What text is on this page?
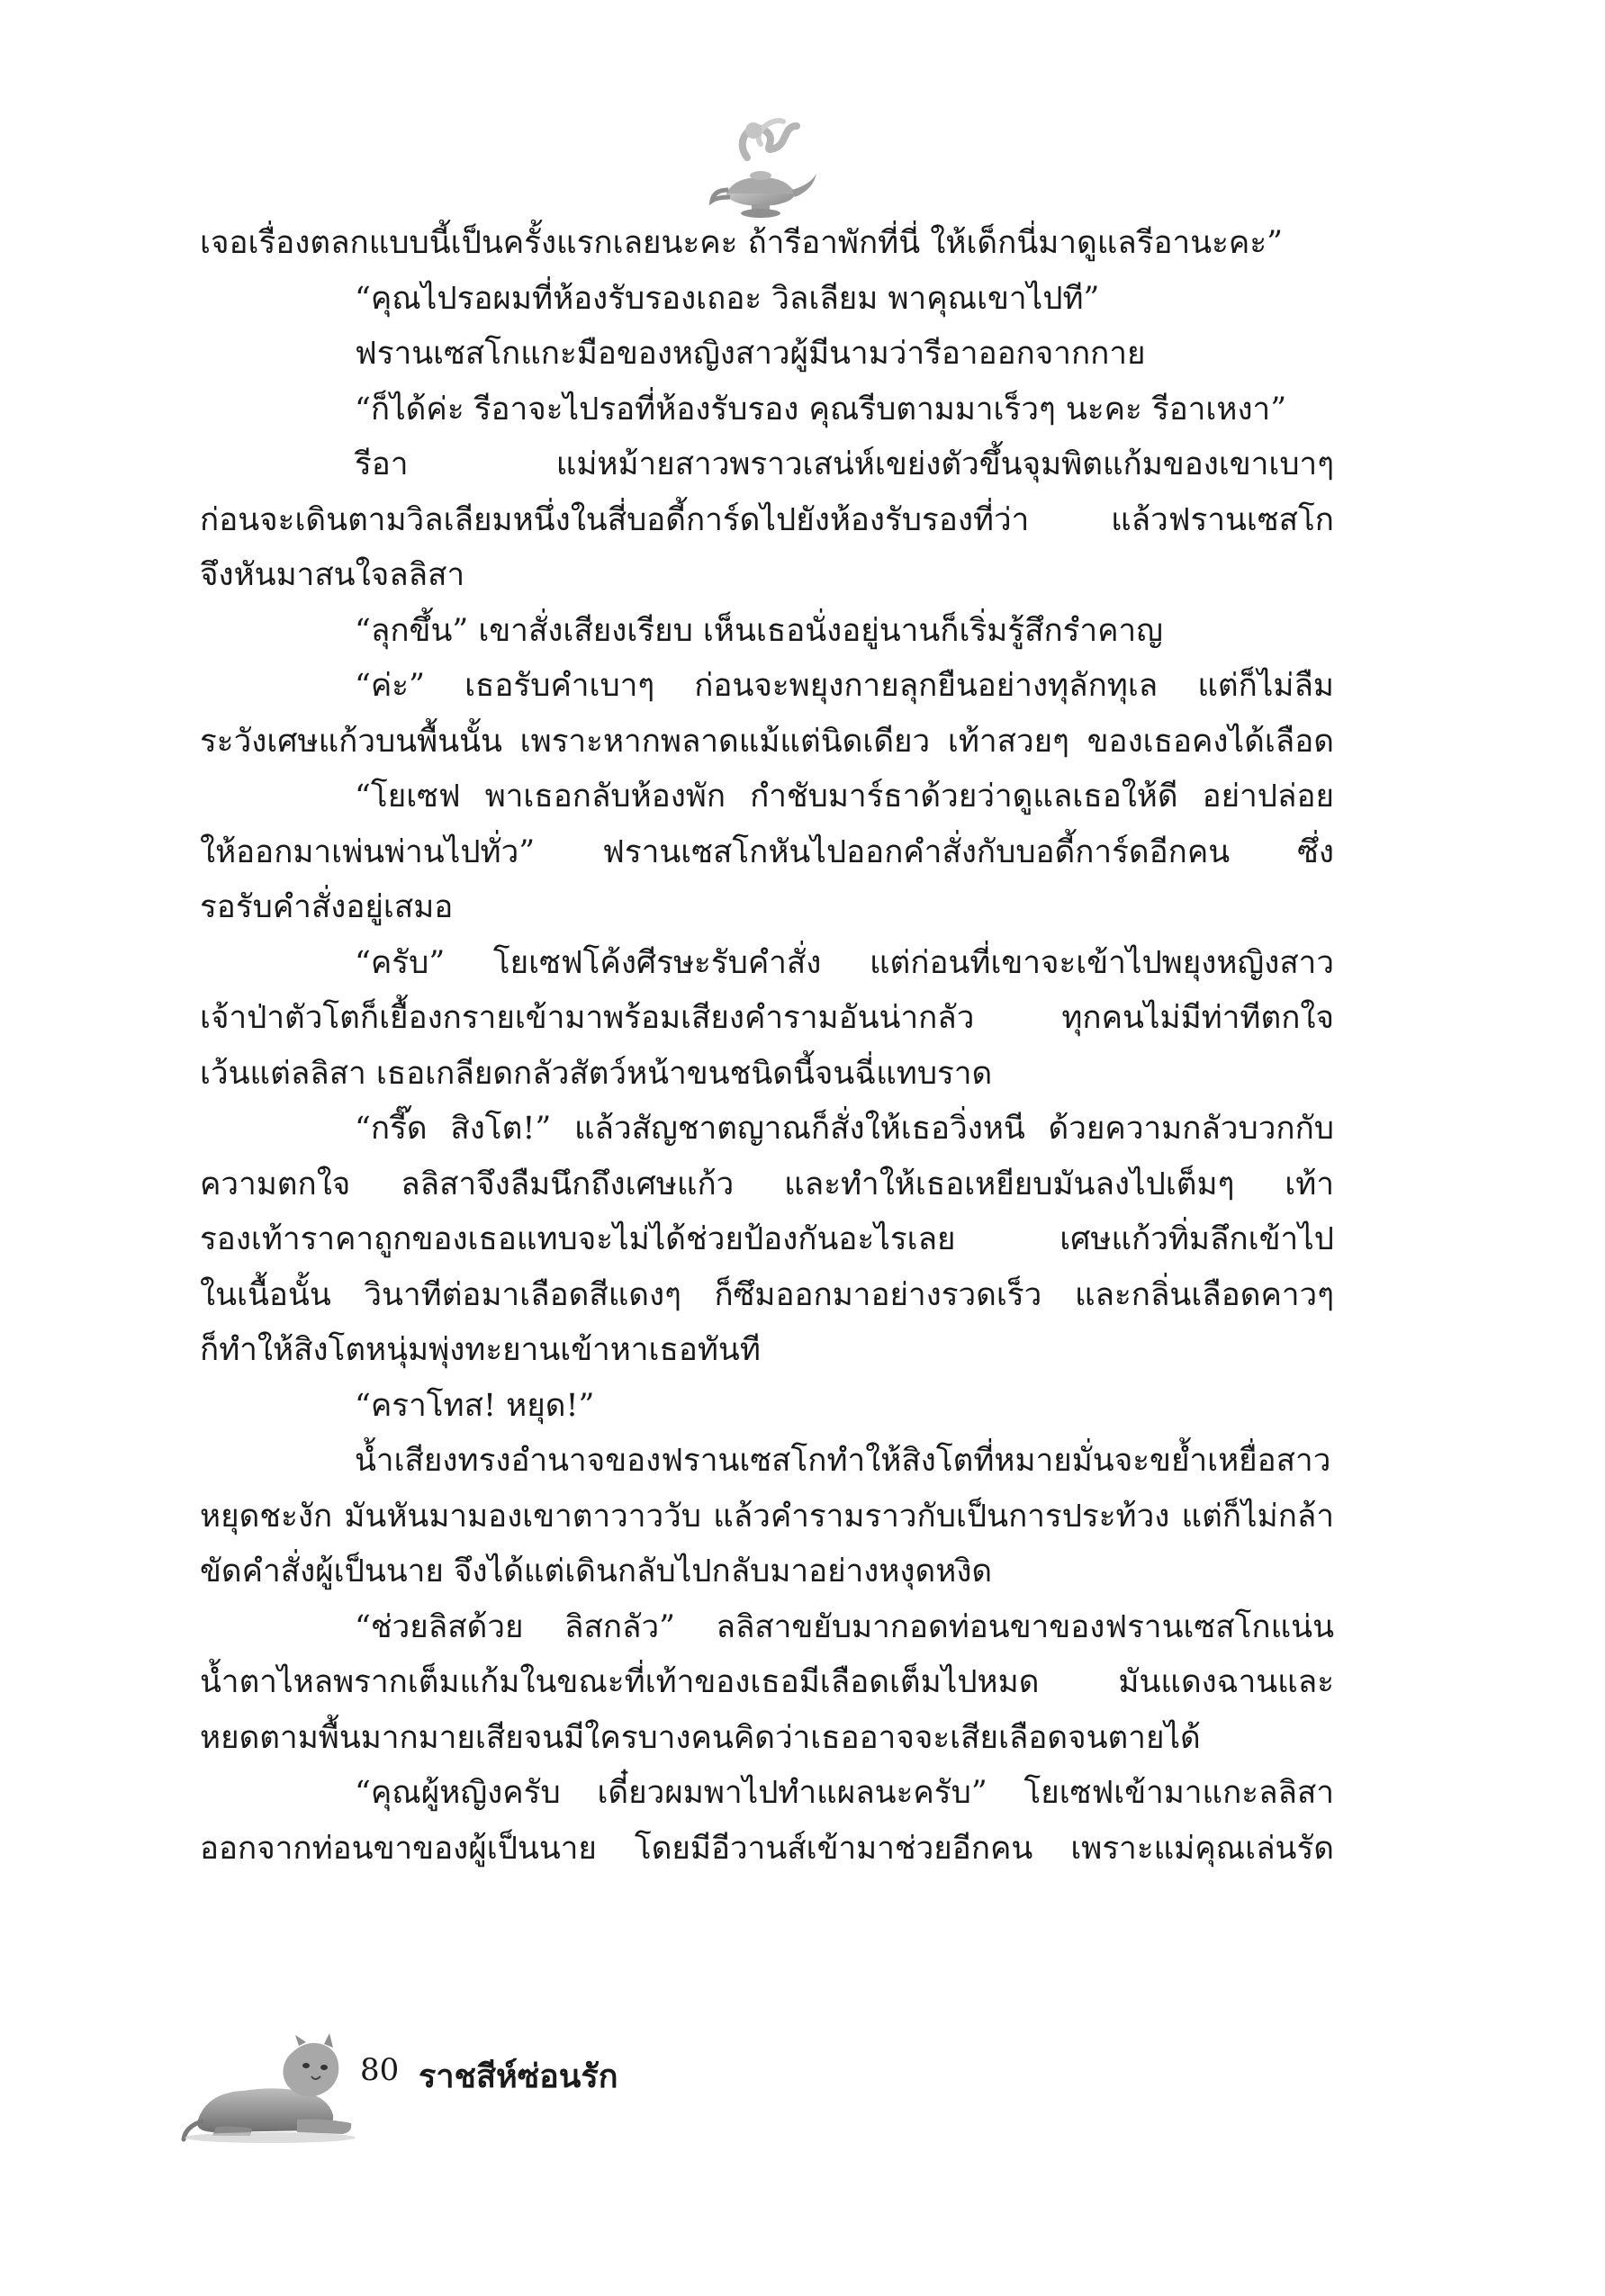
เจอเรื่องตลกแบบนี้เป็นครั้งแรกเลยนะคะ ถ้ารีอาพักที่นี่ ให้เด็กนี่มาดูแลรีอานะคะ”
“คุณไปรอผมที่ห้องรับรองเถอะ วิลเลียม พาคุณเขาไปที”
ฟรานเซสโกแกะมือของหญิงสาวผู้มีนามว่ารีอาออกจากกาย
“ก็ได้ค่ะ รีอาจะไปรอที่ห้องรับรอง คุณรีบตามมาเร็วๆ นะคะ รีอาเหงา”
รีอา แม่หม้ายสาวพราวเสน่ห์เขย่งตัวขึ้นจุมพิตแก้มของเขาเบาๆ
ก่อนจะเดินตามวิลเลียมหนึ่งในสี่บอดี้การ์ดไปยังห้องรับรองที่ว่า แล้วฟรานเซสโก
จึงหันมาสนใจลลิสา
“ลุกขึ้น” เขาสั่งเสียงเรียบ เห็นเธอนั่งอยู่นานก็เริ่มรู้สึกรำคาญ
“ค่ะ” เธอรับคำเบาๆ ก่อนจะพยุงกายลุกยืนอย่างทุลักทุเล แต่ก็ไม่ลืม
ระวังเศษแก้วบนพื้นนั้น เพราะหากพลาดแม้แต่นิดเดียว เท้าสวยๆ ของเธอคงได้เลือด
“โยเซฟ พาเธอกลับห้องพัก กำชับมาร์ธาด้วยว่าดูแลเธอให้ดี อย่าปล่อย
ให้ออกมาเพ่นพ่านไปทั่ว” ฟรานเซสโกหันไปออกคำสั่งกับบอดี้การ์ดอีกคน ซึ่ง
รอรับคำสั่งอยู่เสมอ
“ครับ” โยเซฟโค้งศีรษะรับคำสั่ง แต่ก่อนที่เขาจะเข้าไปพยุงหญิงสาว
เจ้าป่าตัวโตก็เยื้องกรายเข้ามาพร้อมเสียงคำรามอันน่ากลัว ทุกคนไม่มีท่าทีตกใจ
เว้นแต่ลลิสา เธอเกลียดกลัวสัตว์หน้าขนชนิดนี้จนฉี่แทบราด
“กรี๊ด สิงโต!” แล้วสัญชาตญาณก็สั่งให้เธอวิ่งหนี ด้วยความกลัวบวกกับ
ความตกใจ ลลิสาจึงลืมนึกถึงเศษแก้ว และทำให้เธอเหยียบมันลงไปเต็มๆ เท้า
รองเท้าราคาถูกของเธอแทบจะไม่ได้ช่วยป้องกันอะไรเลย เศษแก้วทิ่มลึกเข้าไป
ในเนื้อนั้น วินาทีต่อมาเลือดสีแดงๆ ก็ซึมออกมาอย่างรวดเร็ว และกลิ่นเลือดคาวๆ
ก็ทำให้สิงโตหนุ่มพุ่งทะยานเข้าหาเธอทันที
“คราโทส! หยุด!”
น้ำเสียงทรงอำนาจของฟรานเซสโกทำให้สิงโตที่หมายมั่นจะขย้ำเหยื่อสาว
หยุดชะงัก มันหันมามองเขาตาวาววับ แล้วคำรามราวกับเป็นการประท้วง แต่ก็ไม่กล้า
ขัดคำสั่งผู้เป็นนาย จึงได้แต่เดินกลับไปกลับมาอย่างหงุดหงิด
“ช่วยลิสด้วย ลิสกลัว” ลลิสาขยับมากอดท่อนขาของฟรานเซสโกแน่น
น้ำตาไหลพรากเต็มแก้มในขณะที่เท้าของเธอมีเลือดเต็มไปหมด มันแดงฉานและ
หยดตามพื้นมากมายเสียจนมีใครบางคนคิดว่าเธออาจจะเสียเลือดจนตายได้
“คุณผู้หญิงครับ เดี๋ยวผมพาไปทำแผลนะครับ” โยเซฟเข้ามาแกะลลิสา
ออกจากท่อนขาของผู้เป็นนาย โดยมีอีวานส์เข้ามาช่วยอีกคน เพราะแม่คุณเล่นรัด
80 ราชสีห์ซ่อนรัก
